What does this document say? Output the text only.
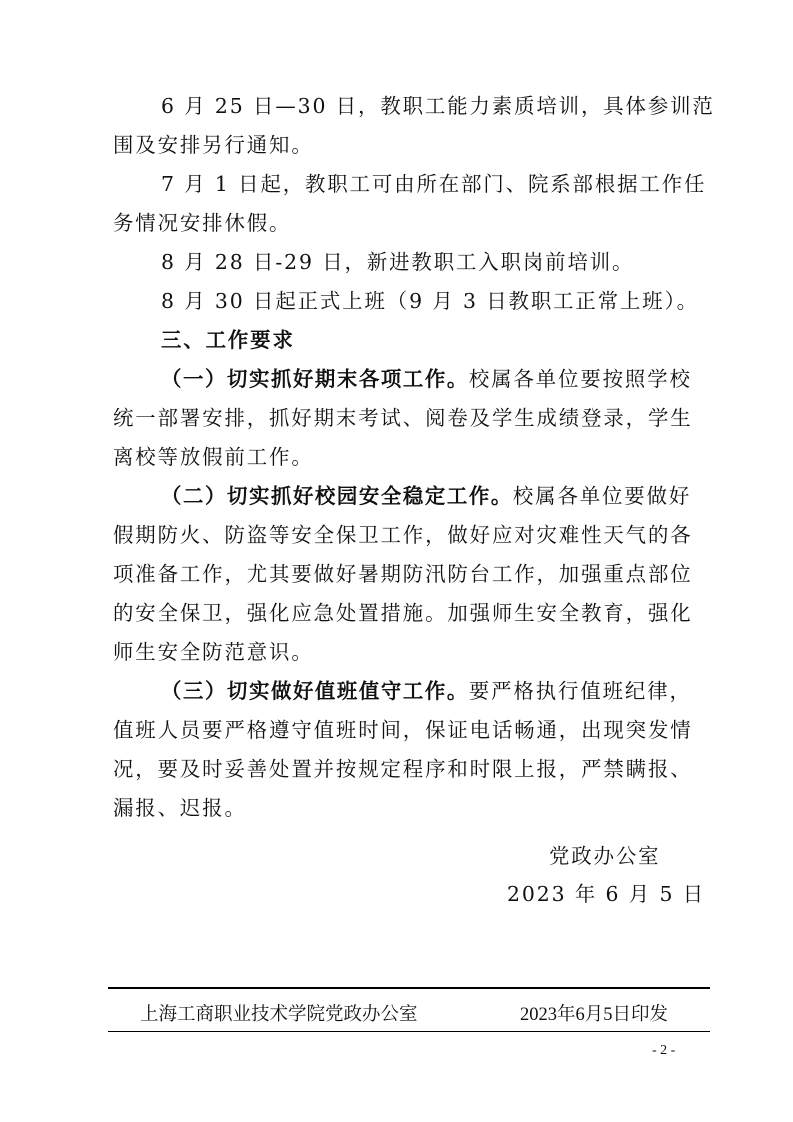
6 月 25 日—30 日，教职工能力素质培训，具体参训范
围及安排另行通知。
7 月 1 日起，教职工可由所在部门、院系部根据工作任
务情况安排休假。
8 月 28 日-29 日，新进教职工入职岗前培训。
8 月 30 日起正式上班（9 月 3 日教职工正常上班）。
三、工作要求
（一）切实抓好期末各项工作。校属各单位要按照学校
统一部署安排，抓好期末考试、阅卷及学生成绩登录，学生
离校等放假前工作。
（二）切实抓好校园安全稳定工作。校属各单位要做好
假期防火、防盗等安全保卫工作，做好应对灾难性天气的各
项准备工作，尤其要做好暑期防汛防台工作，加强重点部位
的安全保卫，强化应急处置措施。加强师生安全教育，强化
师生安全防范意识。
（三）切实做好值班值守工作。要严格执行值班纪律，
值班人员要严格遵守值班时间，保证电话畅通，出现突发情
况，要及时妥善处置并按规定程序和时限上报，严禁瞒报、
漏报、迟报。
党政办公室
2023 年 6 月 5 日
上海工商职业技术学院党政办公室	2023年6月5日印发
- 2 -
